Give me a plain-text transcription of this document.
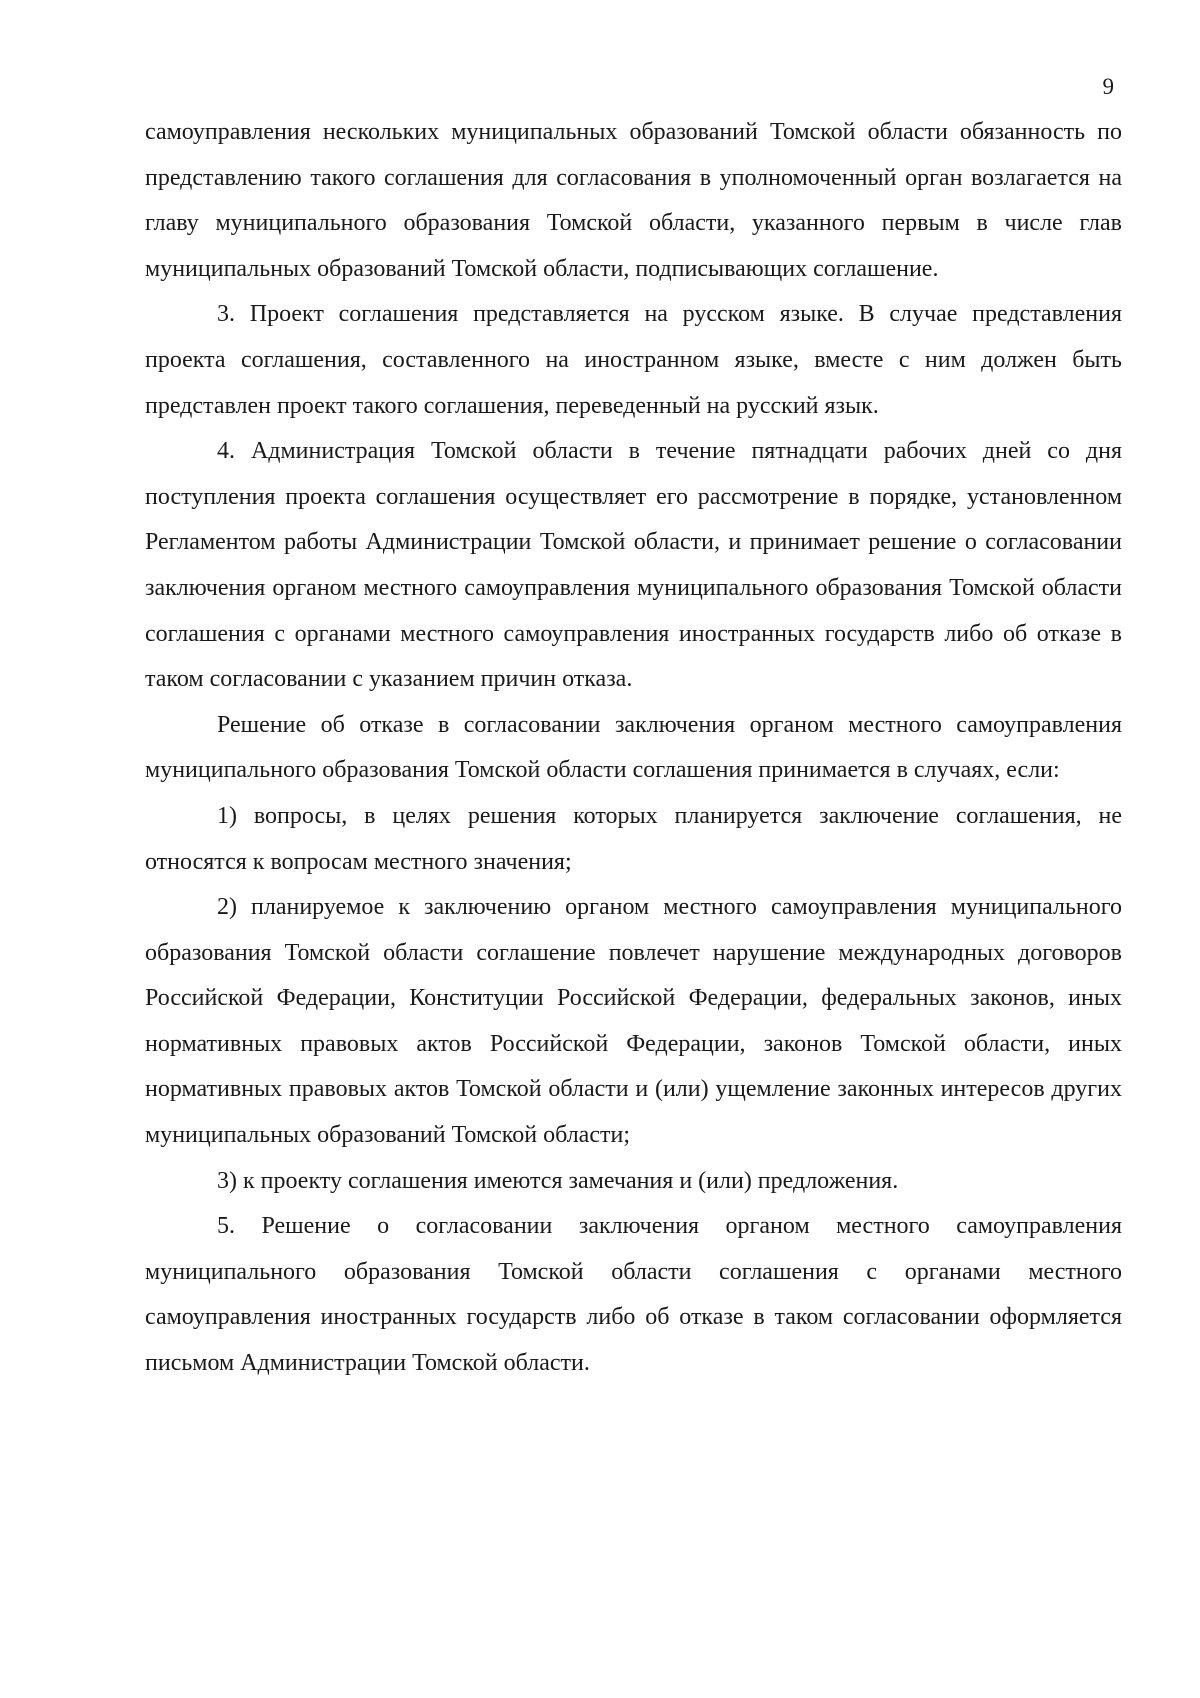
9

самоуправления нескольких муниципальных образований Томской области обязанность по представлению такого соглашения для согласования в уполномоченный орган возлагается на главу муниципального образования Томской области, указанного первым в числе глав муниципальных образований Томской области, подписывающих соглашение.

3. Проект соглашения представляется на русском языке. В случае представления проекта соглашения, составленного на иностранном языке, вместе с ним должен быть представлен проект такого соглашения, переведенный на русский язык.

4. Администрация Томской области в течение пятнадцати рабочих дней со дня поступления проекта соглашения осуществляет его рассмотрение в порядке, установленном Регламентом работы Администрации Томской области, и принимает решение о согласовании заключения органом местного самоуправления муниципального образования Томской области соглашения с органами местного самоуправления иностранных государств либо об отказе в таком согласовании с указанием причин отказа.

Решение об отказе в согласовании заключения органом местного самоуправления муниципального образования Томской области соглашения принимается в случаях, если:

1) вопросы, в целях решения которых планируется заключение соглашения, не относятся к вопросам местного значения;

2) планируемое к заключению органом местного самоуправления муниципального образования Томской области соглашение повлечет нарушение международных договоров Российской Федерации, Конституции Российской Федерации, федеральных законов, иных нормативных правовых актов Российской Федерации, законов Томской области, иных нормативных правовых актов Томской области и (или) ущемление законных интересов других муниципальных образований Томской области;

3) к проекту соглашения имеются замечания и (или) предложения.

5. Решение о согласовании заключения органом местного самоуправления муниципального образования Томской области соглашения с органами местного самоуправления иностранных государств либо об отказе в таком согласовании оформляется письмом Администрации Томской области.
